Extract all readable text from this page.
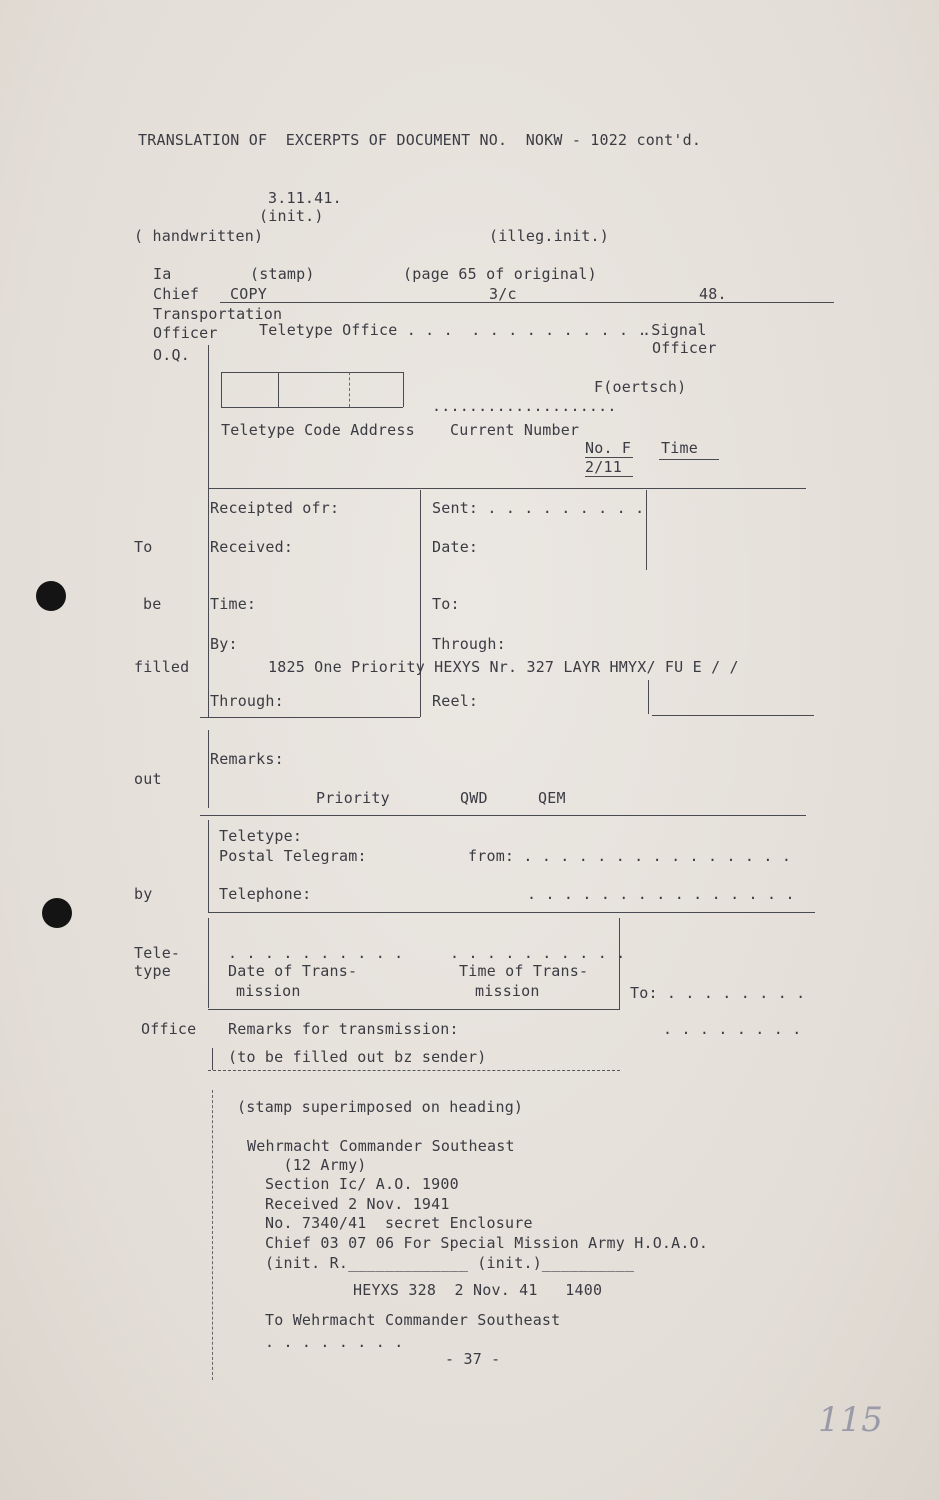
TRANSLATION OF  EXCERPTS OF DOCUMENT NO.  NOKW - 1022 cont'd.
3.11.41.
(init.)
( handwritten)	(illeg.init.)
Ia	(stamp)	(page 65 of original)
Chief COPY	3/c	48.
Transportation
Officer	Teletype Office . . .  . . . . . . . . . .
.Signal
Officer
O.Q.
F(oertsch)
....................
Teletype Code Address Current Number
No. F Time
2/11
Receipted ofr:	Sent: . . . . . . . . .
Received:	Date:
Time:	To:
By:	Through:
1825 One Priority HEXYS Nr. 327 LAYR HMYX/ FU E / /
Through:	Reel:
Remarks:
Priority	QWD	QEM
Teletype:
Postal Telegram:	from: . . . . . . . . . . . . . . .
Telephone:	. . . . . . . . . . . . . . .
. . . . . . . . . .	. . . . . . . . . .
Date of Trans-
mission
Time of Trans-
mission	To: . . . . . . . .
Remarks for transmission:	. . . . . . . .
(to be filled out bz sender)
To
be
filled
out
by
Tele-
type
Office
(stamp superimposed on heading)
Wehrmacht Commander Southeast
(12 Army)
Section Ic/ A.O. 1900
Received 2 Nov. 1941
No. 7340/41  secret Enclosure
Chief 03 07 06 For Special Mission Army H.O.A.O.
(init. R._____________ (init.)__________
HEYXS 328  2 Nov. 41   1400
To Wehrmacht Commander Southeast
. . . . . . . .
- 37 -
115
